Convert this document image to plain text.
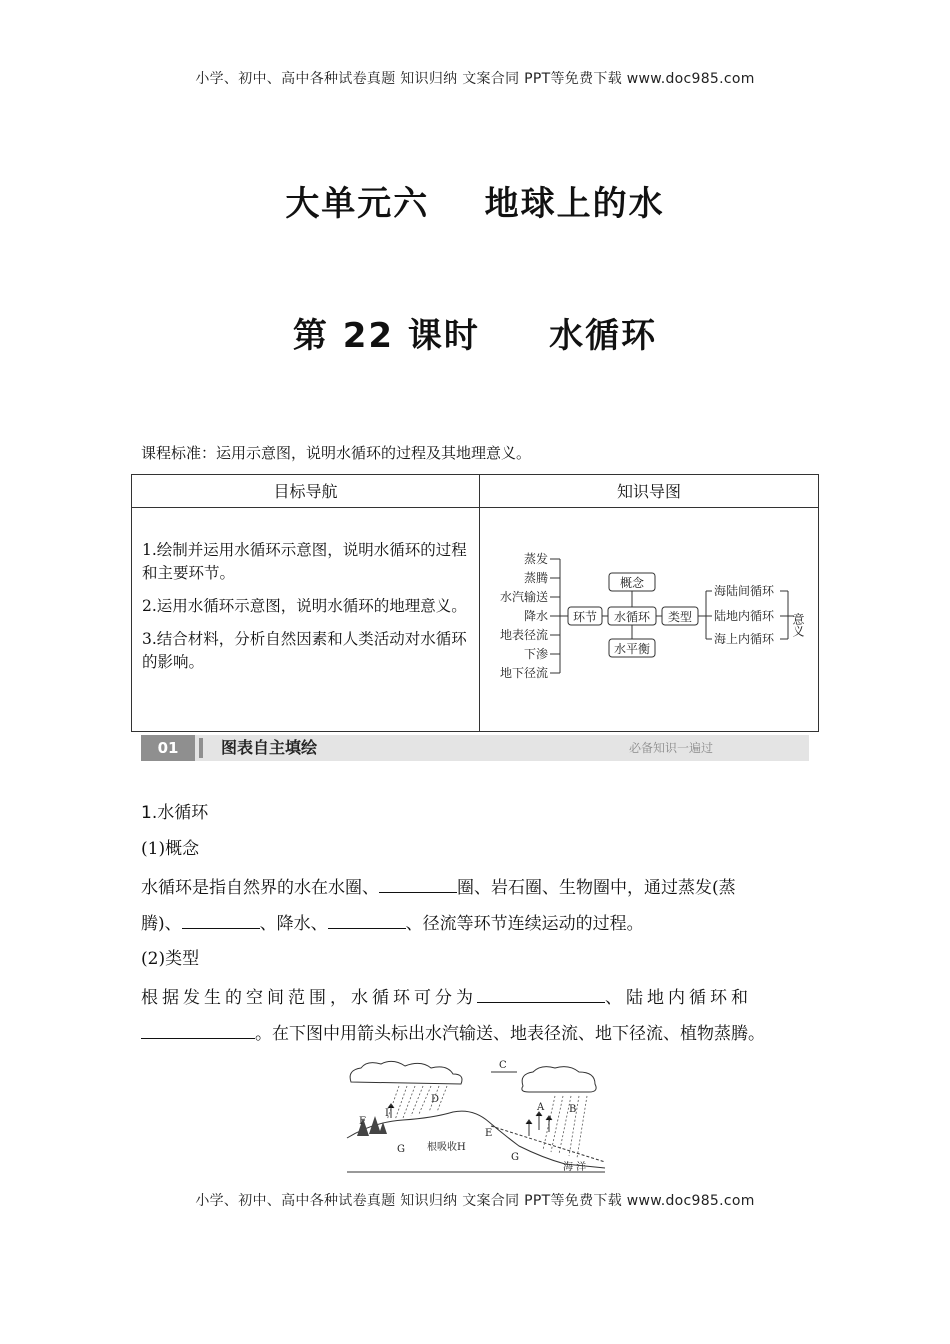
小学、初中、高中各种试卷真题 知识归纳 文案合同 PPT等免费下载 www.doc985.com
大单元六    地球上的水
第 22 课时     水循环
课程标准：运用示意图，说明水循环的过程及其地理意义。
目标导航	知识导图

1.绘制并运用水循环示意图，说明水循环的过程和主要环节。

2.运用水循环示意图，说明水循环的地理意义。

3.结合材料，分析自然因素和人类活动对水循环的影响。

蒸发
蒸腾
水汽输送
降水
地表径流
下渗
地下径流
环节 水循环
概念
水平衡
类型
海陆间循环
陆地内循环
海上内循环
意义
01	图表自主填绘	必备知识一遍过
1.水循环
(1)概念
水循环是指自然界的水在水圈、	圈、岩石圈、生物圈中，通过蒸发(蒸
腾)、	、降水、	、径流等环节连续运动的过程。
(2)类型
根据发生的空间范围，水循环可分为	、陆地内循环和
。在下图中用箭头标出水汽输送、地表径流、地下径流、植物蒸腾。
C
D
F
I
A B
E
G
G
根吸收H
海 洋
小学、初中、高中各种试卷真题 知识归纳 文案合同 PPT等免费下载 www.doc985.com
